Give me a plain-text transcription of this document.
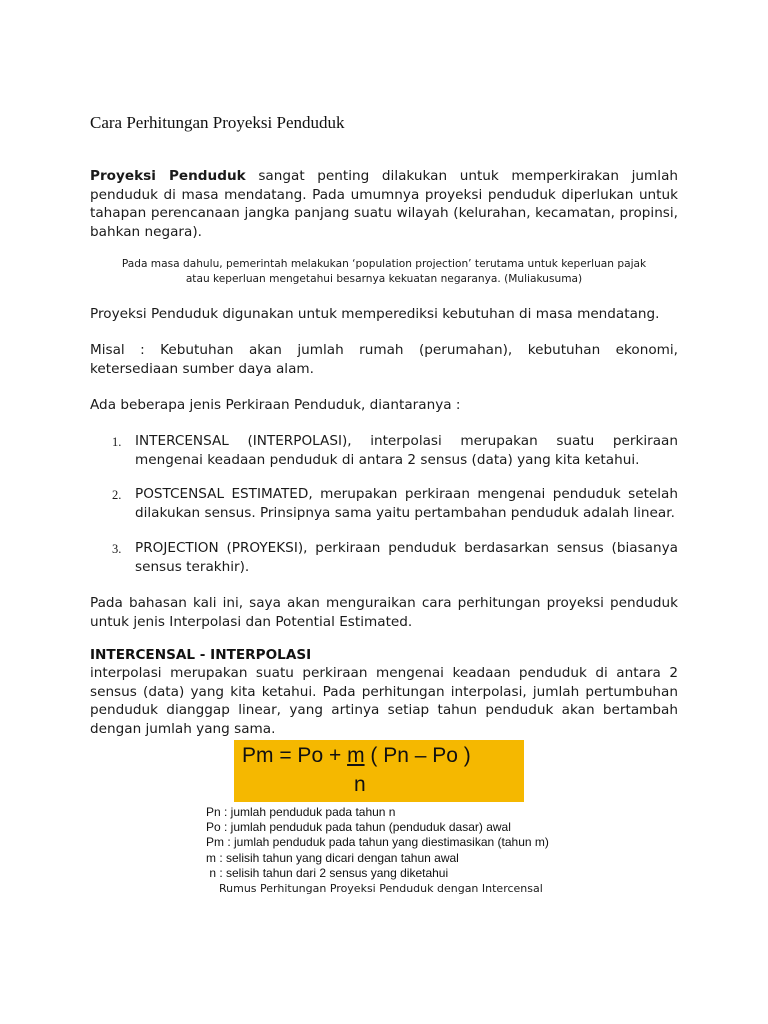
Cara Perhitungan Proyeksi Penduduk
Proyeksi Penduduk sangat penting dilakukan untuk memperkirakan jumlah penduduk di masa mendatang. Pada umumnya proyeksi penduduk diperlukan untuk tahapan perencanaan jangka panjang suatu wilayah (kelurahan, kecamatan, propinsi, bahkan negara).
Pada masa dahulu, pemerintah melakukan ‘population projection’ terutama untuk keperluan pajak
atau keperluan mengetahui besarnya kekuatan negaranya. (Muliakusuma)
Proyeksi Penduduk digunakan untuk memperediksi kebutuhan di masa mendatang.
Misal : Kebutuhan akan jumlah rumah (perumahan), kebutuhan ekonomi, ketersediaan sumber daya alam.
Ada beberapa jenis Perkiraan Penduduk, diantaranya :
1. INTERCENSAL (INTERPOLASI), interpolasi merupakan suatu perkiraan mengenai keadaan penduduk di antara 2 sensus (data) yang kita ketahui.
2. POSTCENSAL ESTIMATED, merupakan perkiraan mengenai penduduk setelah dilakukan sensus. Prinsipnya sama yaitu pertambahan penduduk adalah linear.
3. PROJECTION (PROYEKSI), perkiraan penduduk berdasarkan sensus (biasanya sensus terakhir).
Pada bahasan kali ini, saya akan menguraikan cara perhitungan proyeksi penduduk untuk jenis Interpolasi dan Potential Estimated.
INTERCENSAL - INTERPOLASI
interpolasi merupakan suatu perkiraan mengenai keadaan penduduk di antara 2 sensus (data) yang kita ketahui. Pada perhitungan interpolasi, jumlah pertumbuhan penduduk dianggap linear, yang artinya setiap tahun penduduk akan bertambah dengan jumlah yang sama.
Pm = Po + m ( Pn – Po )
n
Pn : jumlah penduduk pada tahun n
Po : jumlah penduduk pada tahun (penduduk dasar) awal
Pm : jumlah penduduk pada tahun yang diestimasikan (tahun m)
m : selisih tahun yang dicari dengan tahun awal
n : selisih tahun dari 2 sensus yang diketahui
Rumus Perhitungan Proyeksi Penduduk dengan Intercensal
